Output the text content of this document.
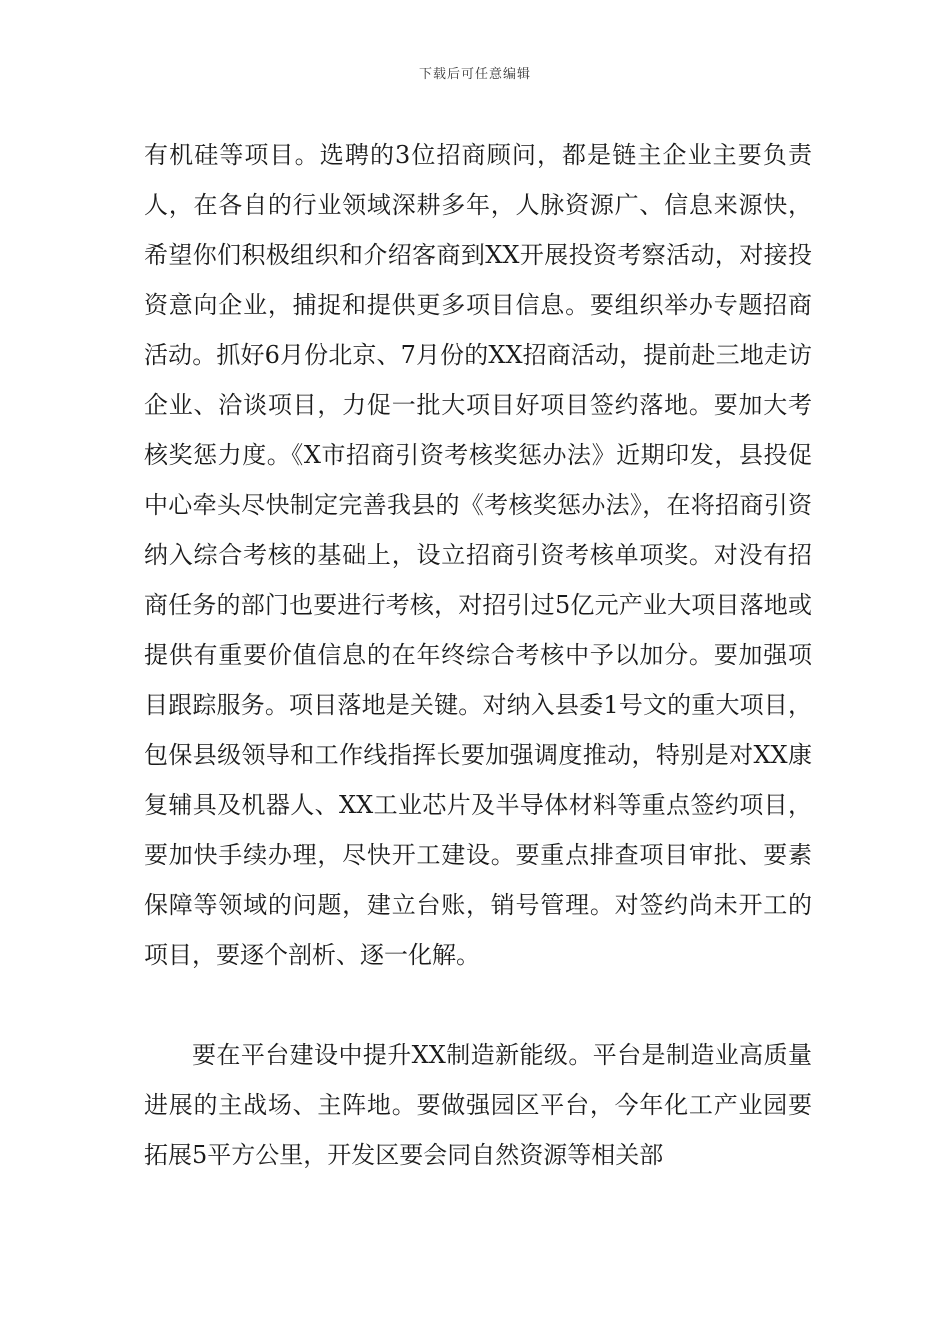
下载后可任意编辑

有机硅等项目。选聘的3位招商顾问，都是链主企业主要负责人，在各自的行业领域深耕多年，人脉资源广、信息来源快，希望你们积极组织和介绍客商到XX开展投资考察活动，对接投资意向企业，捕捉和提供更多项目信息。要组织举办专题招商活动。抓好6月份北京、7月份的XX招商活动，提前赴三地走访企业、洽谈项目，力促一批大项目好项目签约落地。要加大考核奖惩力度。《X市招商引资考核奖惩办法》近期印发，县投促中心牵头尽快制定完善我县的《考核奖惩办法》，在将招商引资纳入综合考核的基础上，设立招商引资考核单项奖。对没有招商任务的部门也要进行考核，对招引过5亿元产业大项目落地或提供有重要价值信息的在年终综合考核中予以加分。要加强项目跟踪服务。项目落地是关键。对纳入县委1号文的重大项目，包保县级领导和工作线指挥长要加强调度推动，特别是对XX康复辅具及机器人、XX工业芯片及半导体材料等重点签约项目，要加快手续办理，尽快开工建设。要重点排查项目审批、要素保障等领域的问题，建立台账，销号管理。对签约尚未开工的项目，要逐个剖析、逐一化解。

要在平台建设中提升XX制造新能级。平台是制造业高质量进展的主战场、主阵地。要做强园区平台，今年化工产业园要拓展5平方公里，开发区要会同自然资源等相关部
